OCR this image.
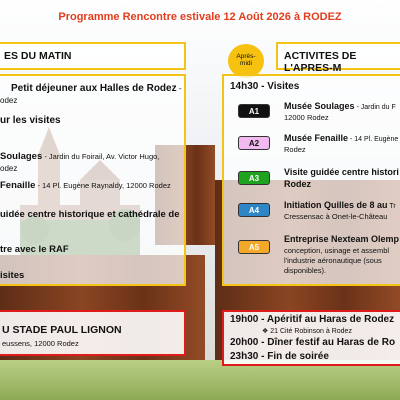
Programme Rencontre estivale 12 Août 2026 à RODEZ
ES DU MATIN
Petit déjeuner aux Halles de Rodez -
odez
ur les visites
Soulages - Jardin du Foirail, Av. Victor Hugo,
odez
Fenaille - 14 Pl. Eugène Raynaldy, 12000 Rodez
uidée centre historique et cathédrale de
tre avec le RAF
isites
U STADE PAUL LIGNON
eussens, 12000 Rodez
ACTIVITES DE L'APRES-M
Après-
midi
14h30 - Visites
A1
Musée Soulages - Jardin du F
12000 Rodez
A2
Musée Fenaille - 14 Pl. Eugène
Rodez
A3
Visite guidée centre histori
Rodez
A4
Initiation Quilles de 8 au Tr
Cressensac à Onet-le-Château
A5
Entreprise Nexteam Olemp
conception, usinage et assembl
l'industrie aéronautique (sous
disponibles).
19h00 - Apéritif au Haras de Rodez
❖ 21 Cité Robinson à Rodez
20h00 - Dîner festif au Haras de Ro
23h30 - Fin de soirée
